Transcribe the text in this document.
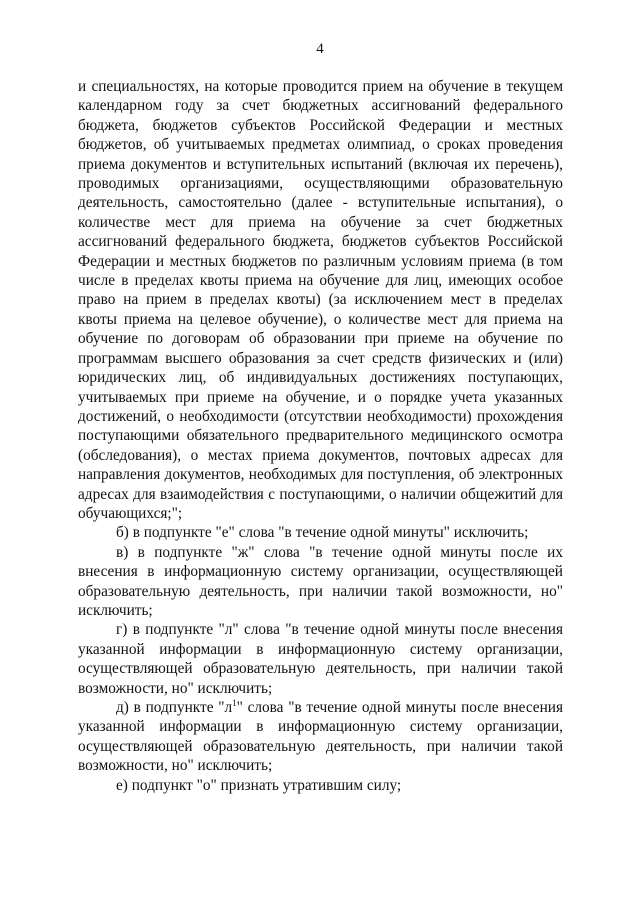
4

и специальностях, на которые проводится прием на обучение в текущем календарном году за счет бюджетных ассигнований федерального бюджета, бюджетов субъектов Российской Федерации и местных бюджетов, об учитываемых предметах олимпиад, о сроках проведения приема документов и вступительных испытаний (включая их перечень), проводимых организациями, осуществляющими образовательную деятельность, самостоятельно (далее - вступительные испытания), о количестве мест для приема на обучение за счет бюджетных ассигнований федерального бюджета, бюджетов субъектов Российской Федерации и местных бюджетов по различным условиям приема (в том числе в пределах квоты приема на обучение для лиц, имеющих особое право на прием в пределах квоты) (за исключением мест в пределах квоты приема на целевое обучение), о количестве мест для приема на обучение по договорам об образовании при приеме на обучение по программам высшего образования за счет средств физических и (или) юридических лиц, об индивидуальных достижениях поступающих, учитываемых при приеме на обучение, и о порядке учета указанных достижений, о необходимости (отсутствии необходимости) прохождения поступающими обязательного предварительного медицинского осмотра (обследования), о местах приема документов, почтовых адресах для направления документов, необходимых для поступления, об электронных адресах для взаимодействия с поступающими, о наличии общежитий для обучающихся;";

б) в подпункте "е" слова "в течение одной минуты" исключить;

в) в подпункте "ж" слова "в течение одной минуты после их внесения в информационную систему организации, осуществляющей образовательную деятельность, при наличии такой возможности, но" исключить;

г) в подпункте "л" слова "в течение одной минуты после внесения указанной информации в информационную систему организации, осуществляющей образовательную деятельность, при наличии такой возможности, но" исключить;

д) в подпункте "$л^1$" слова "в течение одной минуты после внесения указанной информации в информационную систему организации, осуществляющей образовательную деятельность, при наличии такой возможности, но" исключить;

е) подпункт "о" признать утратившим силу;
